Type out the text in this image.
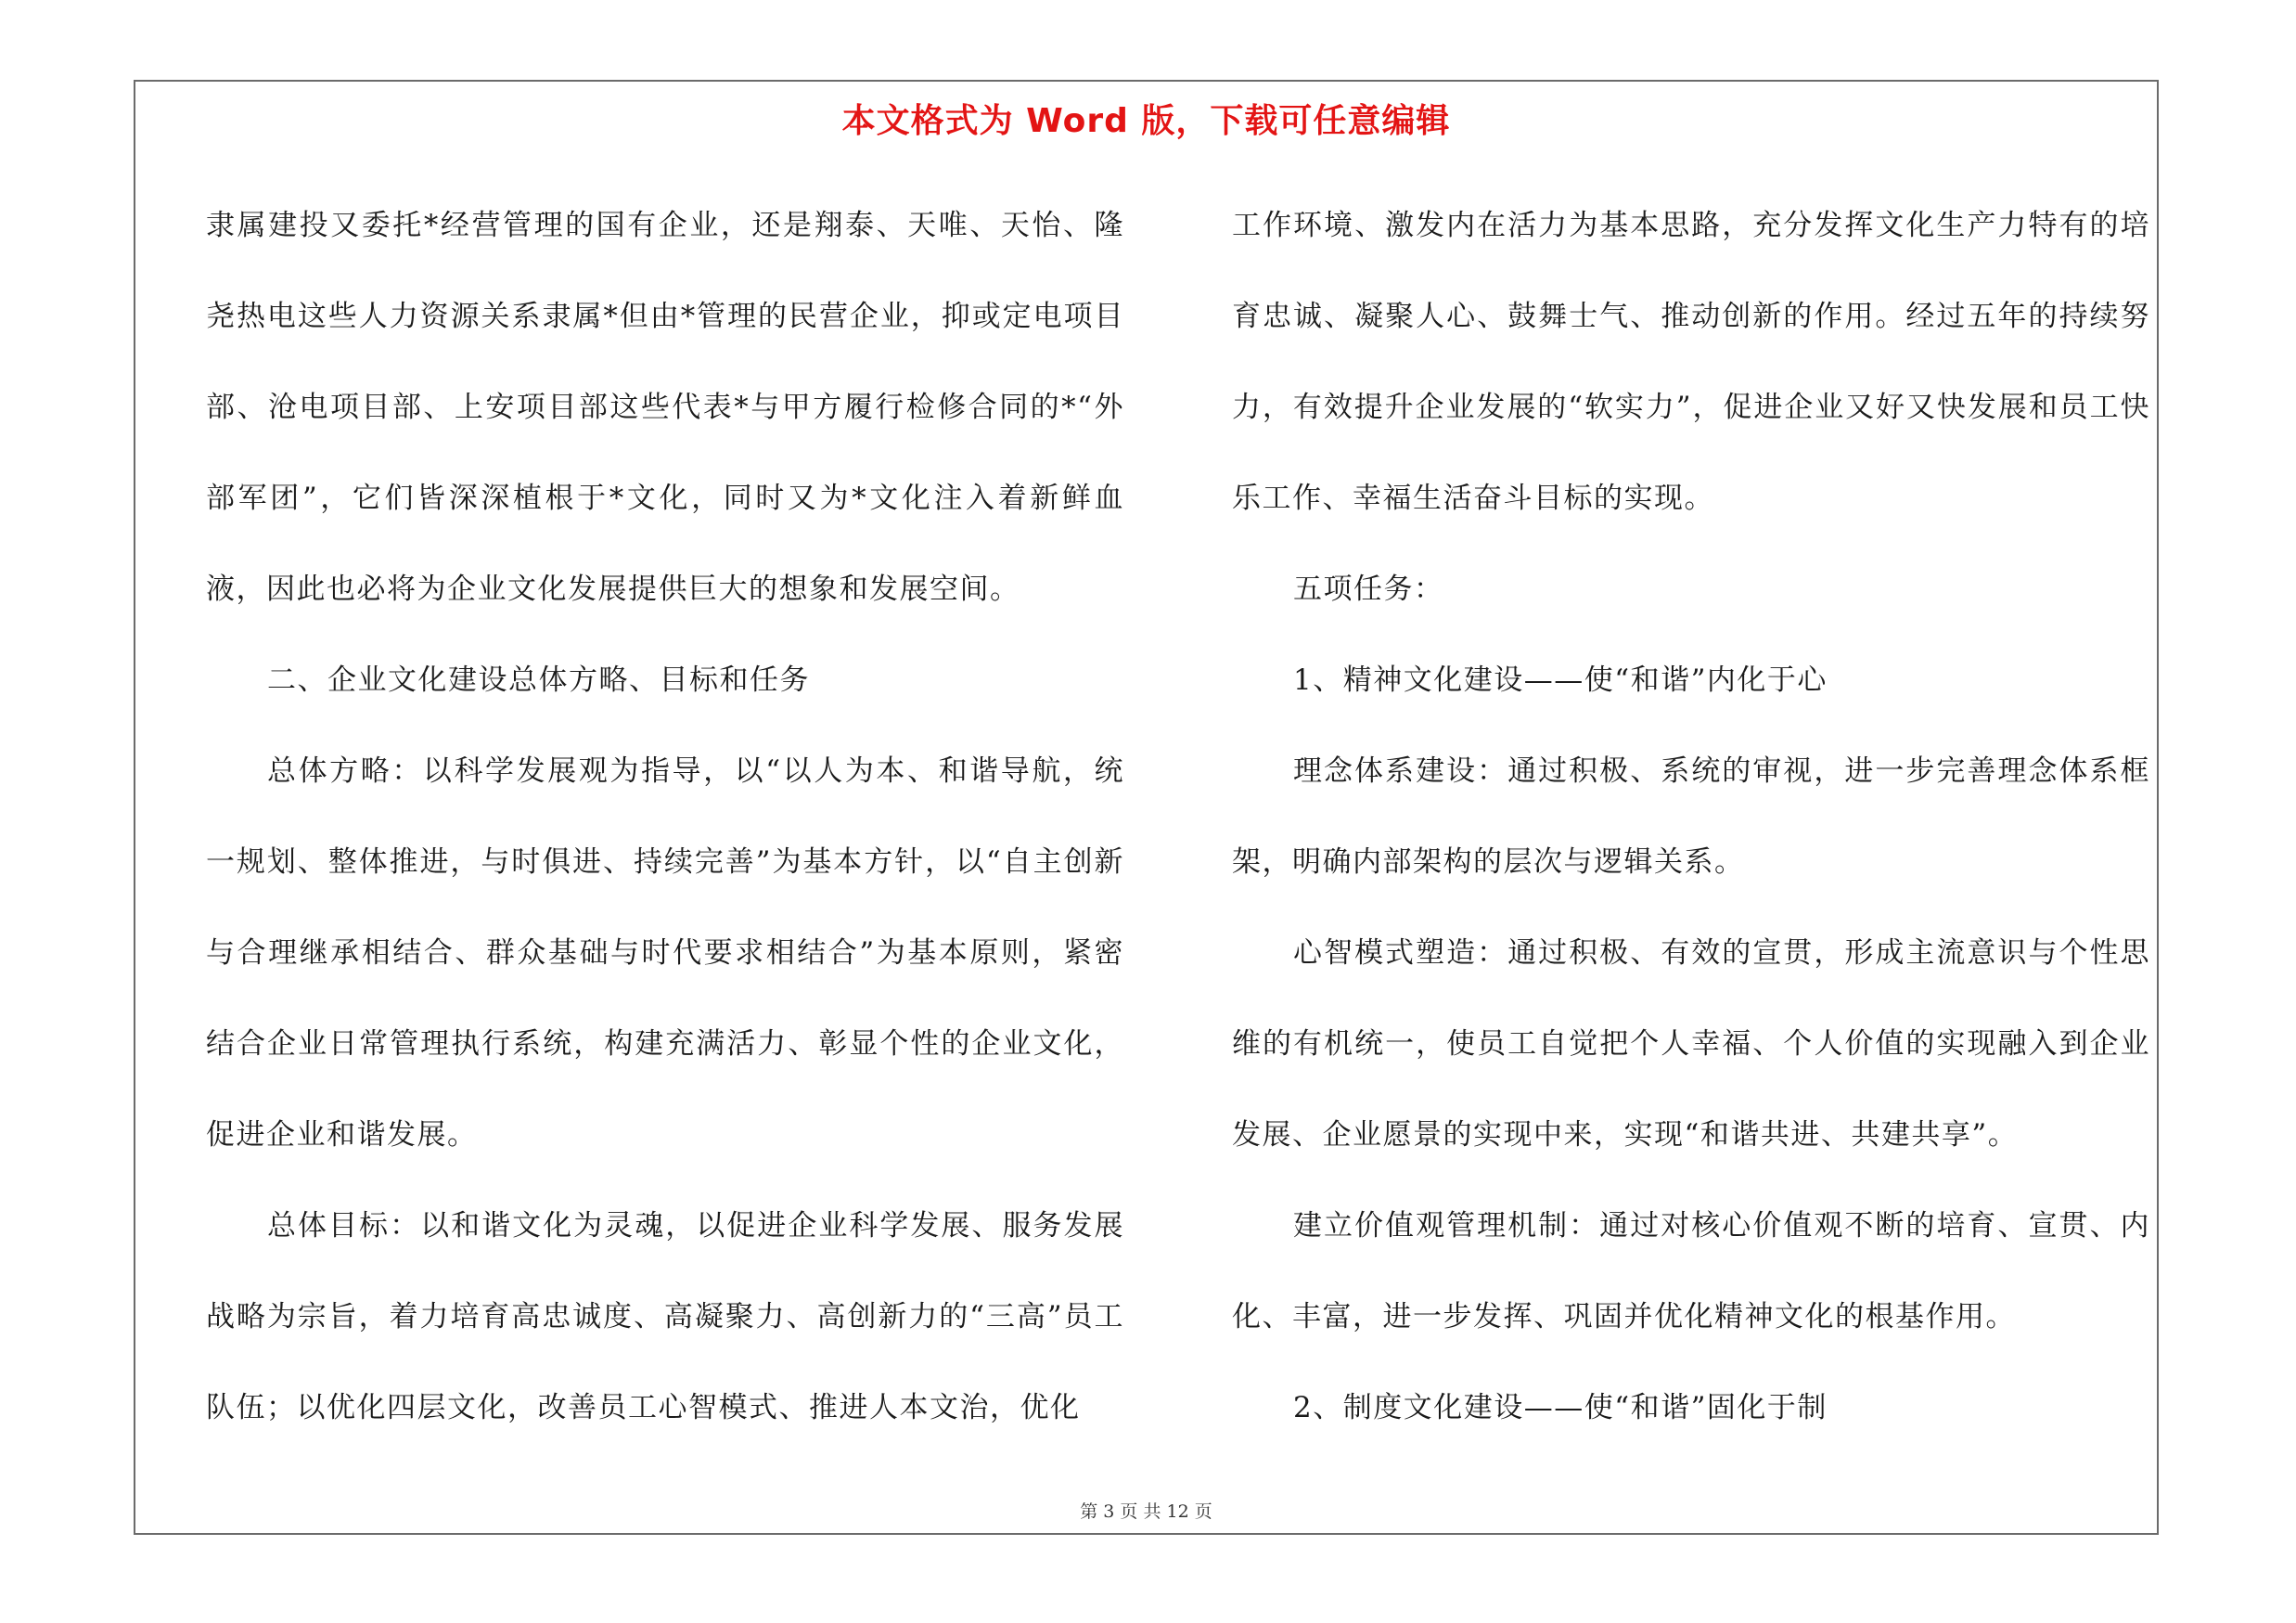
本文格式为 Word 版，下载可任意编辑

隶属建投又委托*经营管理的国有企业，还是翔泰、天唯、天怡、隆尧热电这些人力资源关系隶属*但由*管理的民营企业，抑或定电项目部、沧电项目部、上安项目部这些代表*与甲方履行检修合同的*“外部军团”，它们皆深深植根于*文化，同时又为*文化注入着新鲜血液，因此也必将为企业文化发展提供巨大的想象和发展空间。

二、企业文化建设总体方略、目标和任务

总体方略：以科学发展观为指导，以“以人为本、和谐导航，统一规划、整体推进，与时俱进、持续完善”为基本方针，以“自主创新与合理继承相结合、群众基础与时代要求相结合”为基本原则，紧密结合企业日常管理执行系统，构建充满活力、彰显个性的企业文化，促进企业和谐发展。

总体目标：以和谐文化为灵魂，以促进企业科学发展、服务发展战略为宗旨，着力培育高忠诚度、高凝聚力、高创新力的“三高”员工队伍；以优化四层文化，改善员工心智模式、推进人本文治，优化

工作环境、激发内在活力为基本思路，充分发挥文化生产力特有的培育忠诚、凝聚人心、鼓舞士气、推动创新的作用。经过五年的持续努力，有效提升企业发展的“软实力”，促进企业又好又快发展和员工快乐工作、幸福生活奋斗目标的实现。

五项任务：

1、精神文化建设——使“和谐”内化于心

理念体系建设：通过积极、系统的审视，进一步完善理念体系框架，明确内部架构的层次与逻辑关系。

心智模式塑造：通过积极、有效的宣贯，形成主流意识与个性思维的有机统一，使员工自觉把个人幸福、个人价值的实现融入到企业发展、企业愿景的实现中来，实现“和谐共进、共建共享”。

建立价值观管理机制：通过对核心价值观不断的培育、宣贯、内化、丰富，进一步发挥、巩固并优化精神文化的根基作用。

2、制度文化建设——使“和谐”固化于制

第 3 页 共 12 页
